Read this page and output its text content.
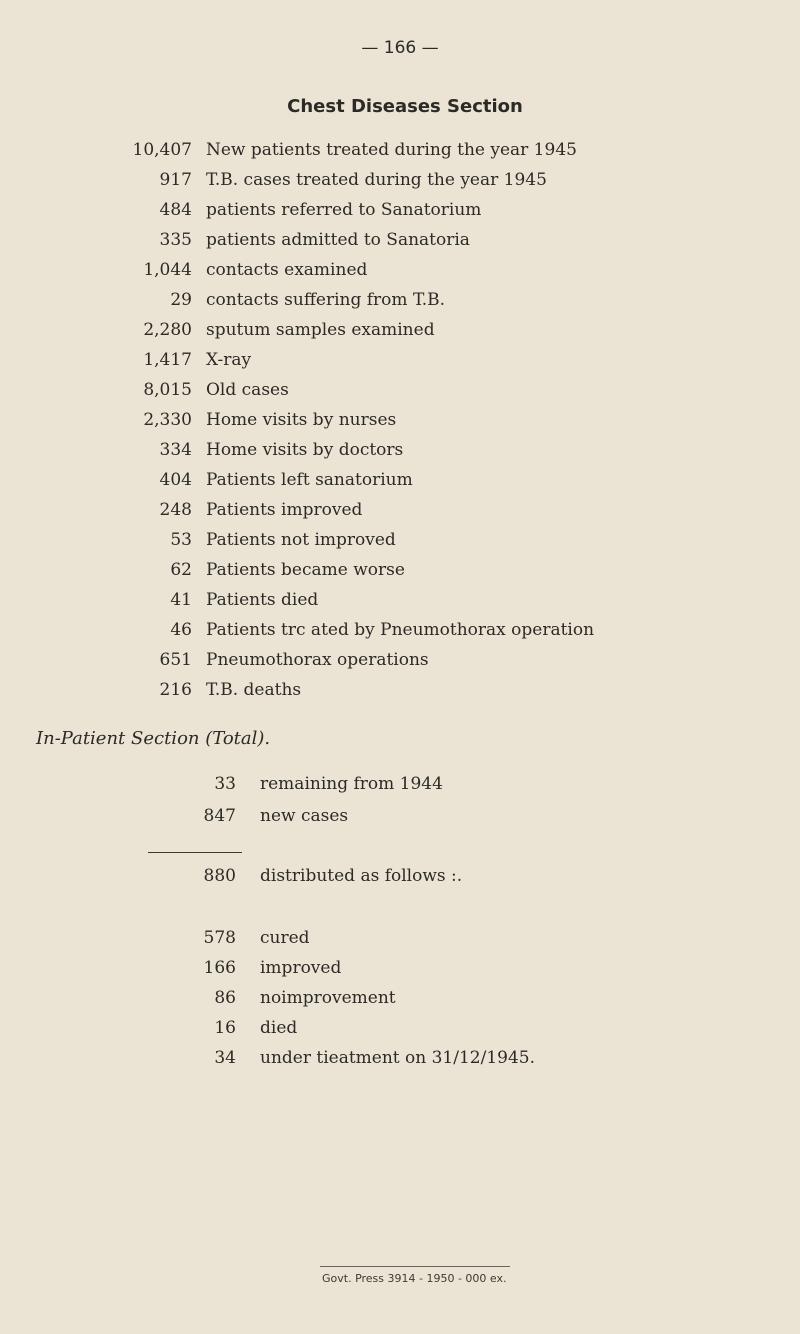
— 166 —
Chest Diseases Section
10,407 New patients treated during the year 1945
917 T.B. cases treated during the year 1945
484 patients referred to Sanatorium
335 patients admitted to Sanatoria
1,044 contacts examined
29 contacts suffering from T.B.
2,280 sputum samples examined
1,417 X-ray
8,015 Old cases
2,330 Home visits by nurses
334 Home visits by doctors
404 Patients left sanatorium
248 Patients improved
53 Patients not improved
62 Patients became worse
41 Patients died
46 Patients trc ated by Pneumothorax operation
651 Pneumothorax operations
216 T.B. deaths
In-Patient Section (Total).
33 remaining from 1944
847 new cases
880 distributed as follows :.
578 cured
166 improved
86 noimprovement
16 died
34 under tieatment on 31/12/1945.
Govt. Press 3914 - 1950 - 000 ex.
